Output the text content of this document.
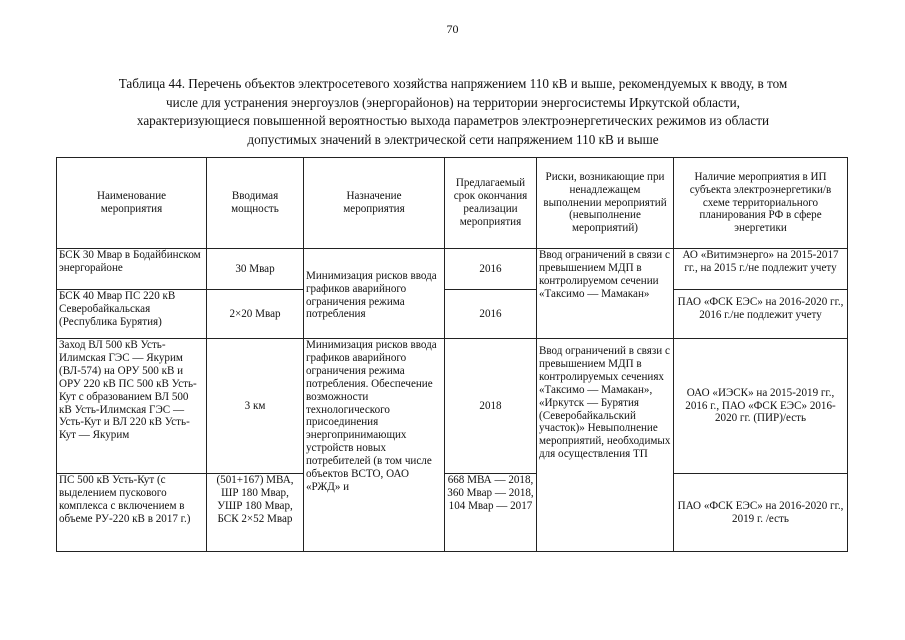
70
Таблица 44. Перечень объектов электросетевого хозяйства напряжением 110 кВ и выше, рекомендуемых к вводу, в том
числе для устранения энергоузлов (энергорайонов) на территории энергосистемы Иркутской области,
характеризующиеся повышенной вероятностью выхода параметров электроэнергетических режимов из области
допустимых значений в электрической сети напряжением 110 кВ и выше
Наименование мероприятия	Вводимая мощность	Назначение мероприятия	Предлагаемый срок окончания реализации мероприятия	Риски, возникающие при ненадлежащем выполнении мероприятий (невыполнение мероприятий)	Наличие мероприятия в ИП субъекта электроэнергетики/в схеме территориального планирования РФ в сфере энергетики
БСК 30 Мвар в Бодайбинском энергорайоне	30 Мвар	Минимизация рисков ввода графиков аварийного ограничения режима потребления	2016	Ввод ограничений в связи с превышением МДП в контролируемом сечении «Таксимо — Мамакан»	АО «Витимэнерго» на 2015-2017 гг., на 2015 г./не подлежит учету
БСК 40 Мвар ПС 220 кВ Северобайкальская (Республика Бурятия)	2×20 Мвар		2016		ПАО «ФСК ЕЭС» на 2016-2020 гг., 2016 г./не подлежит учету
Заход ВЛ 500 кВ Усть-Илимская ГЭС — Якурим (ВЛ-574) на ОРУ 500 кВ и ОРУ 220 кВ ПС 500 кВ Усть-Кут с образованием ВЛ 500 кВ Усть-Илимская ГЭС — Усть-Кут и ВЛ 220 кВ Усть-Кут — Якурим	3 км	Минимизация рисков ввода графиков аварийного ограничения режима потребления. Обеспечение возможности технологического присоединения энергопринимающих устройств новых потребителей (в том числе объектов ВСТО, ОАО «РЖД» и	2018	Ввод ограничений в связи с превышением МДП в контролируемых сечениях «Таксимо — Мамакан», «Иркутск — Бурятия (Северобайкальский участок)» Невыполнение мероприятий, необходимых для осуществления ТП	ОАО «ИЭСК» на 2015-2019 гг., 2016 г., ПАО «ФСК ЕЭС» 2016-2020 гг. (ПИР)/есть
ПС 500 кВ Усть-Кут (с выделением пускового комплекса с включением в объеме РУ-220 кВ в 2017 г.)	(501+167) МВА, ШР 180 Мвар, УШР 180 Мвар, БСК 2×52 Мвар		668 МВА — 2018, 360 Мвар — 2018, 104 Мвар — 2017		ПАО «ФСК ЕЭС» на 2016-2020 гг., 2019 г. /есть
